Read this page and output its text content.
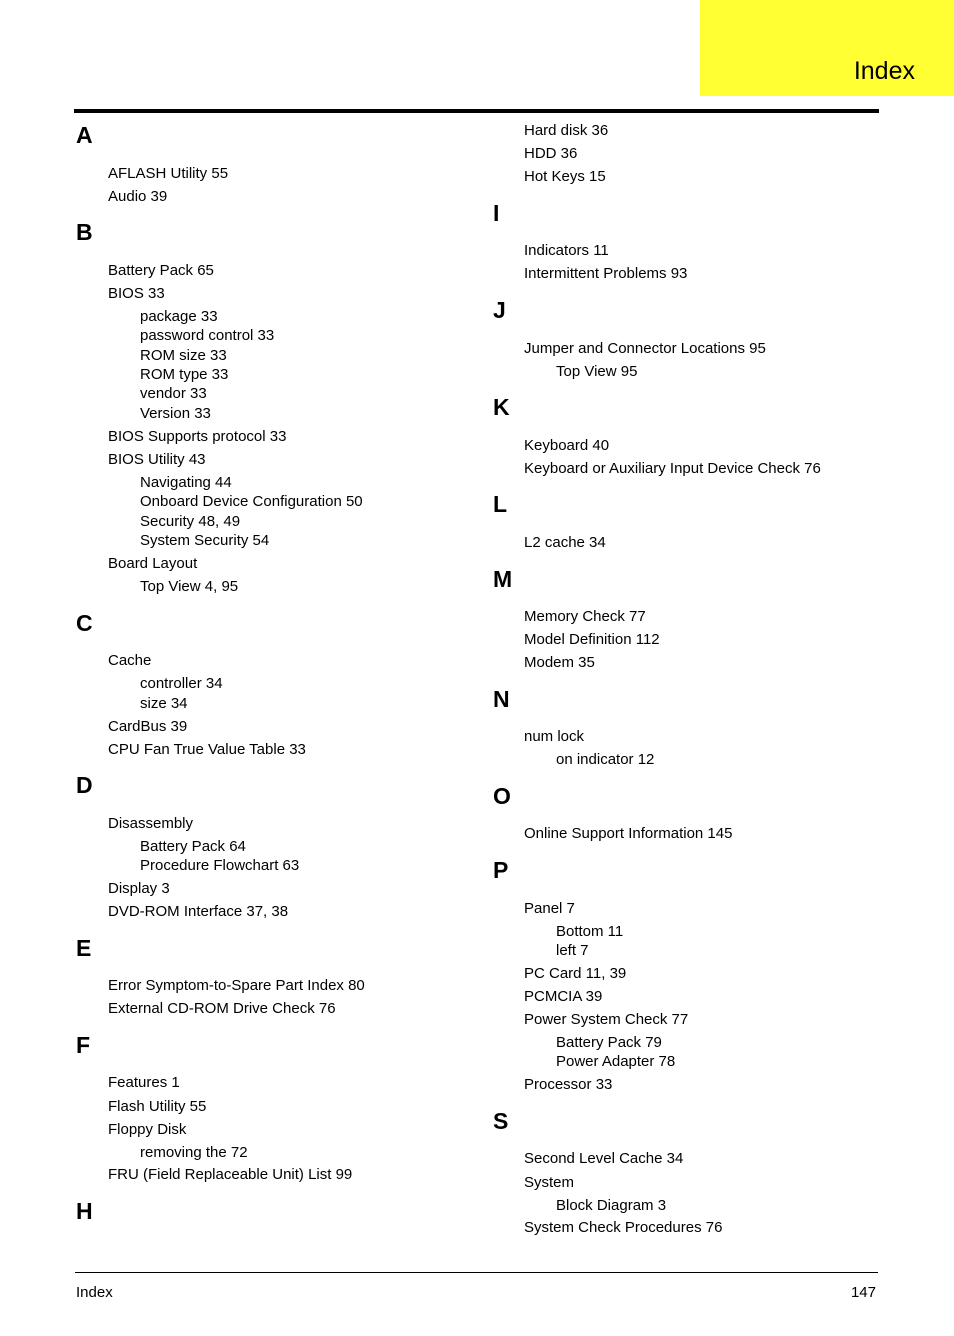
Index
A
AFLASH Utility 55
Audio 39
B
Battery Pack 65
BIOS 33
package 33
password control 33
ROM size 33
ROM type 33
vendor 33
Version 33
BIOS Supports protocol 33
BIOS Utility 43
Navigating 44
Onboard Device Configuration 50
Security 48, 49
System Security 54
Board Layout
Top View 4, 95
C
Cache
controller 34
size 34
CardBus 39
CPU Fan True Value Table 33
D
Disassembly
Battery Pack 64
Procedure Flowchart 63
Display 3
DVD-ROM Interface 37, 38
E
Error Symptom-to-Spare Part Index 80
External CD-ROM Drive Check 76
F
Features 1
Flash Utility 55
Floppy Disk
removing the 72
FRU (Field Replaceable Unit) List 99
H
Hard disk 36
HDD 36
Hot Keys 15
I
Indicators 11
Intermittent Problems 93
J
Jumper and Connector Locations 95
Top View 95
K
Keyboard 40
Keyboard or Auxiliary Input Device Check 76
L
L2 cache 34
M
Memory Check 77
Model Definition 112
Modem 35
N
num lock
on indicator 12
O
Online Support Information 145
P
Panel 7
Bottom 11
left 7
PC Card 11, 39
PCMCIA 39
Power System Check 77
Battery Pack 79
Power Adapter 78
Processor 33
S
Second Level Cache 34
System
Block Diagram 3
System Check Procedures 76
Index	147
